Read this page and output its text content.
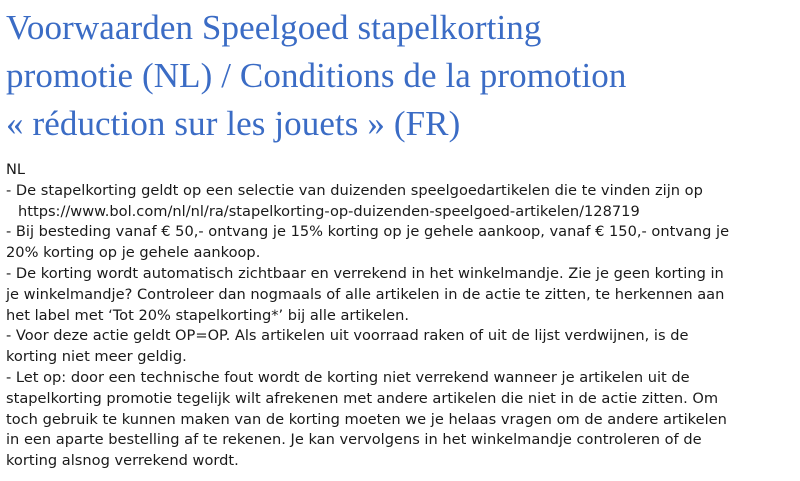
Voorwaarden Speelgoed stapelkorting
promotie (NL) / Conditions de la promotion
« réduction sur les jouets » (FR)
NL
- De stapelkorting geldt op een selectie van duizenden speelgoedartikelen die te vinden zijn op
https://www.bol.com/nl/nl/ra/stapelkorting-op-duizenden-speelgoed-artikelen/128719
- Bij besteding vanaf € 50,- ontvang je 15% korting op je gehele aankoop, vanaf € 150,- ontvang je
20% korting op je gehele aankoop.
- De korting wordt automatisch zichtbaar en verrekend in het winkelmandje. Zie je geen korting in
je winkelmandje? Controleer dan nogmaals of alle artikelen in de actie te zitten, te herkennen aan
het label met ‘Tot 20% stapelkorting*’ bij alle artikelen.
- Voor deze actie geldt OP=OP. Als artikelen uit voorraad raken of uit de lijst verdwijnen, is de
korting niet meer geldig.
- Let op: door een technische fout wordt de korting niet verrekend wanneer je artikelen uit de
stapelkorting promotie tegelijk wilt afrekenen met andere artikelen die niet in de actie zitten. Om
toch gebruik te kunnen maken van de korting moeten we je helaas vragen om de andere artikelen
in een aparte bestelling af te rekenen. Je kan vervolgens in het winkelmandje controleren of de
korting alsnog verrekend wordt.
